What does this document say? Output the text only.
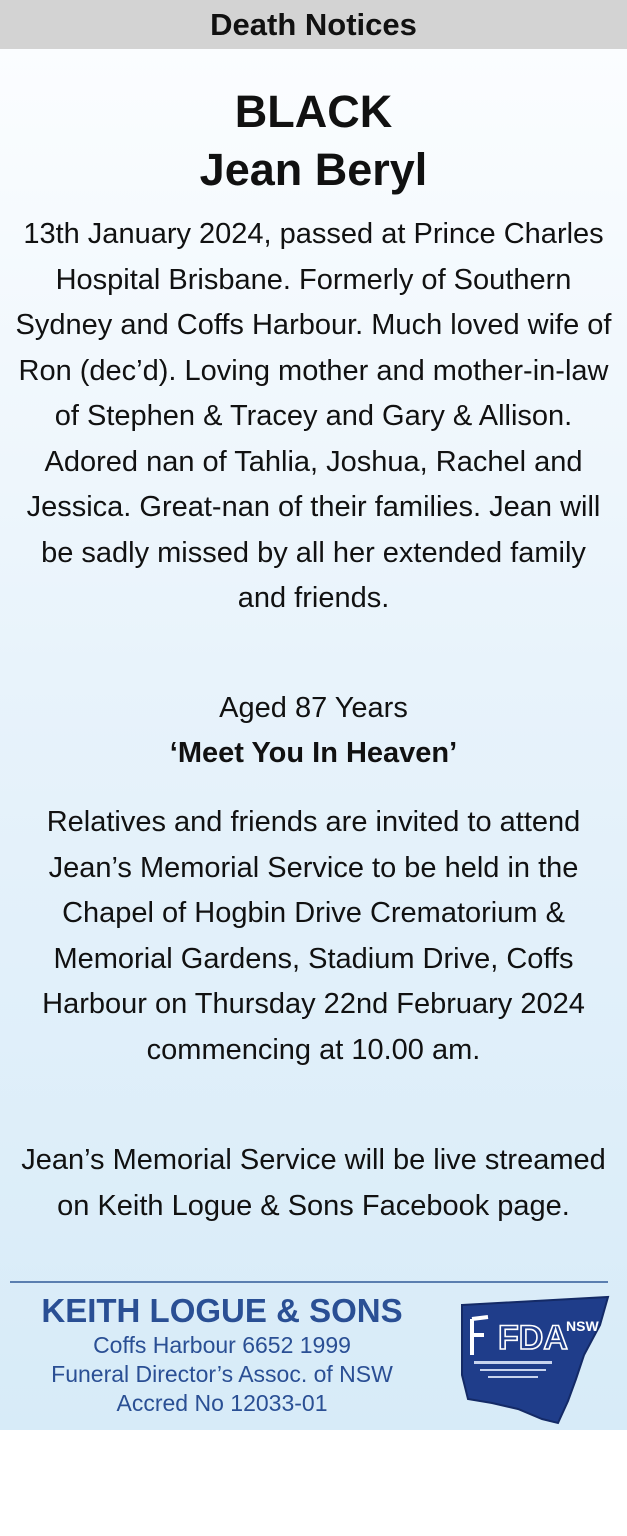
Death Notices
BLACK
Jean Beryl

13th January 2024, passed at Prince Charles Hospital Brisbane. Formerly of Southern Sydney and Coffs Harbour. Much loved wife of Ron (dec’d). Loving mother and mother-in-law of Stephen & Tracey and Gary & Allison. Adored nan of Tahlia, Joshua, Rachel and Jessica. Great-nan of their families. Jean will be sadly missed by all her extended family and friends.

Aged 87 Years

‘Meet You In Heaven’

Relatives and friends are invited to attend Jean’s Memorial Service to be held in the Chapel of Hogbin Drive Crematorium & Memorial Gardens, Stadium Drive, Coffs Harbour on Thursday 22nd February 2024 commencing at 10.00 am.

Jean’s Memorial Service will be live streamed on Keith Logue & Sons Facebook page.

KEITH LOGUE & SONS
Coffs Harbour 6652 1999
Funeral Director’s Assoc. of NSW
Accred No 12033-01
FDA
NSW
